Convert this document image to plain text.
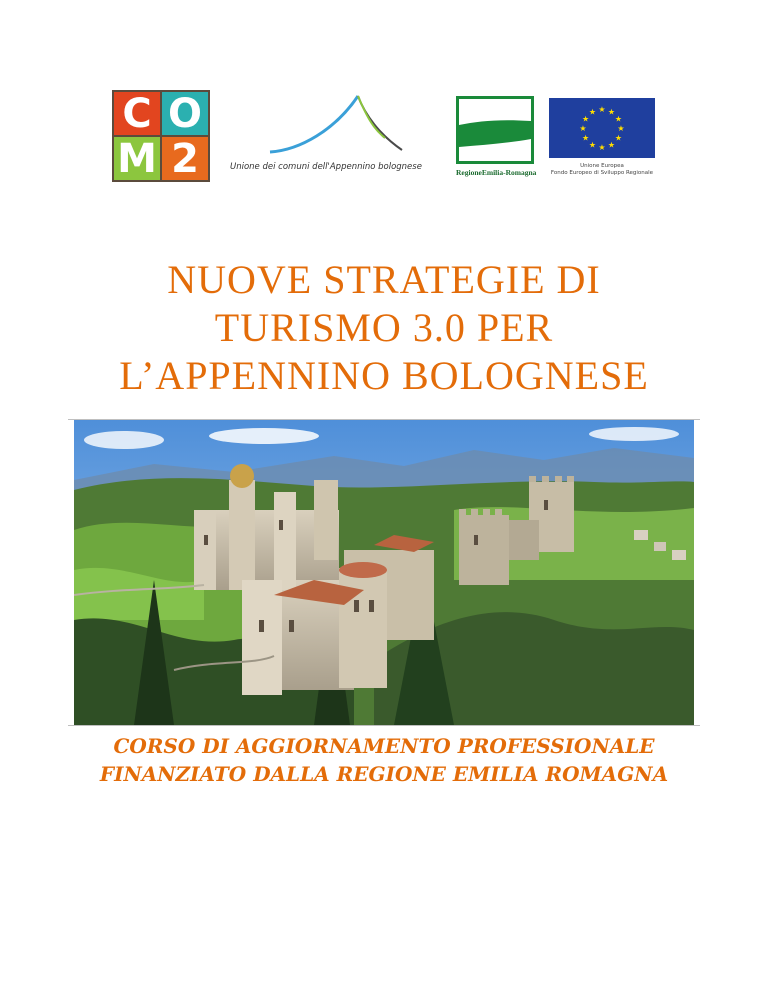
C O
M 2	Unione dei comuni dell'Appennino bolognese
RegioneEmilia-Romagna
★ ★
★
★
★
★
★
★
★
★
★
★
Unione Europea
Fondo Europeo di Sviluppo Regionale
NUOVE STRATEGIE DI
TURISMO 3.0 PER
L’APPENNINO BOLOGNESE
CORSO DI AGGIORNAMENTO PROFESSIONALE
FINANZIATO DALLA REGIONE EMILIA ROMAGNA
